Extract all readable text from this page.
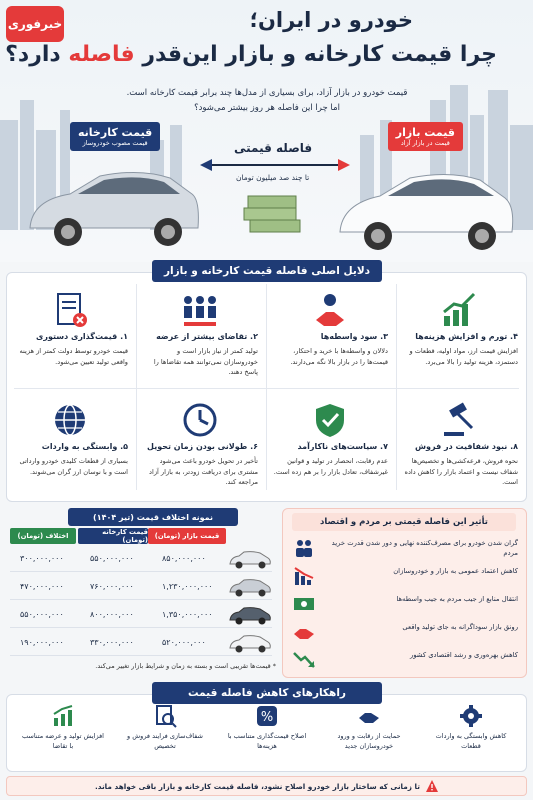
خبرفوری	خودرو در ایران؛
چرا قیمت کارخانه و بازار این‌قدر فاصله دارد؟
قیمت خودرو در بازار آزاد، برای بسیاری از مدل‌ها چند برابر قیمت کارخانه است.
اما چرا این فاصله هر روز بیشتر می‌شود؟
قیمت کارخانه
قیمت مصوب خودروساز
قیمت بازار
قیمت در بازار آزاد
فاصله قیمتی
تا چند صد میلیون تومان
دلایل اصلی فاصله قیمت کارخانه و بازار
۴. تورم و افزایش هزینه‌ها
افزایش قیمت ارز، مواد اولیه، قطعات و دستمزد، هزینه تولید را بالا می‌برد.
۳. سود واسطه‌ها
دلالان و واسطه‌ها با خرید و احتکار، قیمت‌ها را در بازار بالا نگه می‌دارند.
۲. تقاضای بیشتر از عرضه
تولید کمتر از نیاز بازار است و خودروسازان نمی‌توانند همه تقاضاها را پاسخ دهند.
۱. قیمت‌گذاری دستوری
قیمت خودرو توسط دولت کمتر از هزینه واقعی تولید تعیین می‌شود.
۸. نبود شفافیت در فروش
نحوه فروش، قرعه‌کشی‌ها و تخصیص‌ها شفاف نیست و اعتماد بازار را کاهش داده است.
۷. سیاست‌های ناکارآمد
عدم رقابت، انحصار در تولید و قوانین غیرشفاف، تعادل بازار را بر هم زده است.
۶. طولانی بودن زمان تحویل
تأخیر در تحویل خودرو باعث می‌شود مشتری برای دریافت زودتر، به بازار آزاد مراجعه کند.
۵. وابستگی به واردات
بسیاری از قطعات کلیدی خودرو وارداتی است و با نوسان ارز گران می‌شوند.
نمونه اختلاف قیمت (تیر ۱۴۰۴)
قیمت بازار (تومان)
قیمت کارخانه (تومان)
اختلاف (تومان)
۳۰۰,۰۰۰,۰۰۰	۵۵۰,۰۰۰,۰۰۰	۸۵۰,۰۰۰,۰۰۰
۴۷۰,۰۰۰,۰۰۰	۷۶۰,۰۰۰,۰۰۰	۱,۲۳۰,۰۰۰,۰۰۰
۵۵۰,۰۰۰,۰۰۰	۸۰۰,۰۰۰,۰۰۰	۱,۳۵۰,۰۰۰,۰۰۰
۱۹۰,۰۰۰,۰۰۰	۳۳۰,۰۰۰,۰۰۰	۵۲۰,۰۰۰,۰۰۰
* قیمت‌ها تقریبی است و بسته به زمان و شرایط بازار تغییر می‌کند.
تأثیر این فاصله قیمتی بر مردم و اقتصاد
گران شدن خودرو برای مصرف‌کننده نهایی و دور شدن قدرت خرید مردم
کاهش اعتماد عمومی به بازار و خودروسازان
انتقال منابع از جیب مردم به جیب واسطه‌ها
رونق بازار سوداگرانه به جای تولید واقعی
کاهش بهره‌وری و رشد اقتصادی کشور
راهکارهای کاهش فاصله قیمت
کاهش وابستگی به واردات قطعات
حمایت از رقابت و ورود خودروسازان جدید
%
اصلاح قیمت‌گذاری متناسب با هزینه‌ها
شفاف‌سازی فرایند فروش و تخصیص
افزایش تولید و عرضه متناسب با تقاضا
تا زمانی که ساختار بازار خودرو اصلاح نشود، فاصله قیمت کارخانه و بازار باقی خواهد ماند.
